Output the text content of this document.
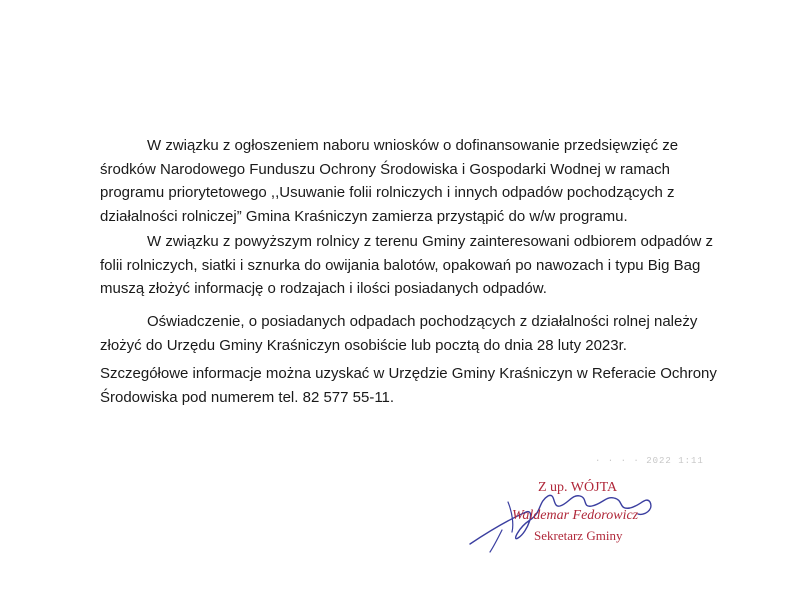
W związku z ogłoszeniem naboru wniosków o dofinansowanie przedsięwzięć ze
środków Narodowego Funduszu Ochrony Środowiska i Gospodarki Wodnej w ramach
programu priorytetowego ,,Usuwanie folii rolniczych i innych odpadów pochodzących z
działalności rolniczej” Gmina Kraśniczyn zamierza przystąpić do w/w programu.
W związku z powyższym rolnicy z terenu Gminy zainteresowani odbiorem odpadów z
folii rolniczych, siatki i sznurka do owijania balotów, opakowań po nawozach i typu Big Bag
muszą złożyć informację o rodzajach i ilości posiadanych odpadów.
Oświadczenie, o posiadanych odpadach pochodzących z działalności rolnej należy
złożyć do Urzędu Gminy Kraśniczyn osobiście lub pocztą do dnia 28 luty 2023r.
Szczegółowe informacje można uzyskać w Urzędzie Gminy Kraśniczyn w Referacie Ochrony
Środowiska pod numerem tel. 82 577 55-11.
· · · · 2022 1:11
Z up. WÓJTA
Waldemar Fedorowicz
Sekretarz Gminy
